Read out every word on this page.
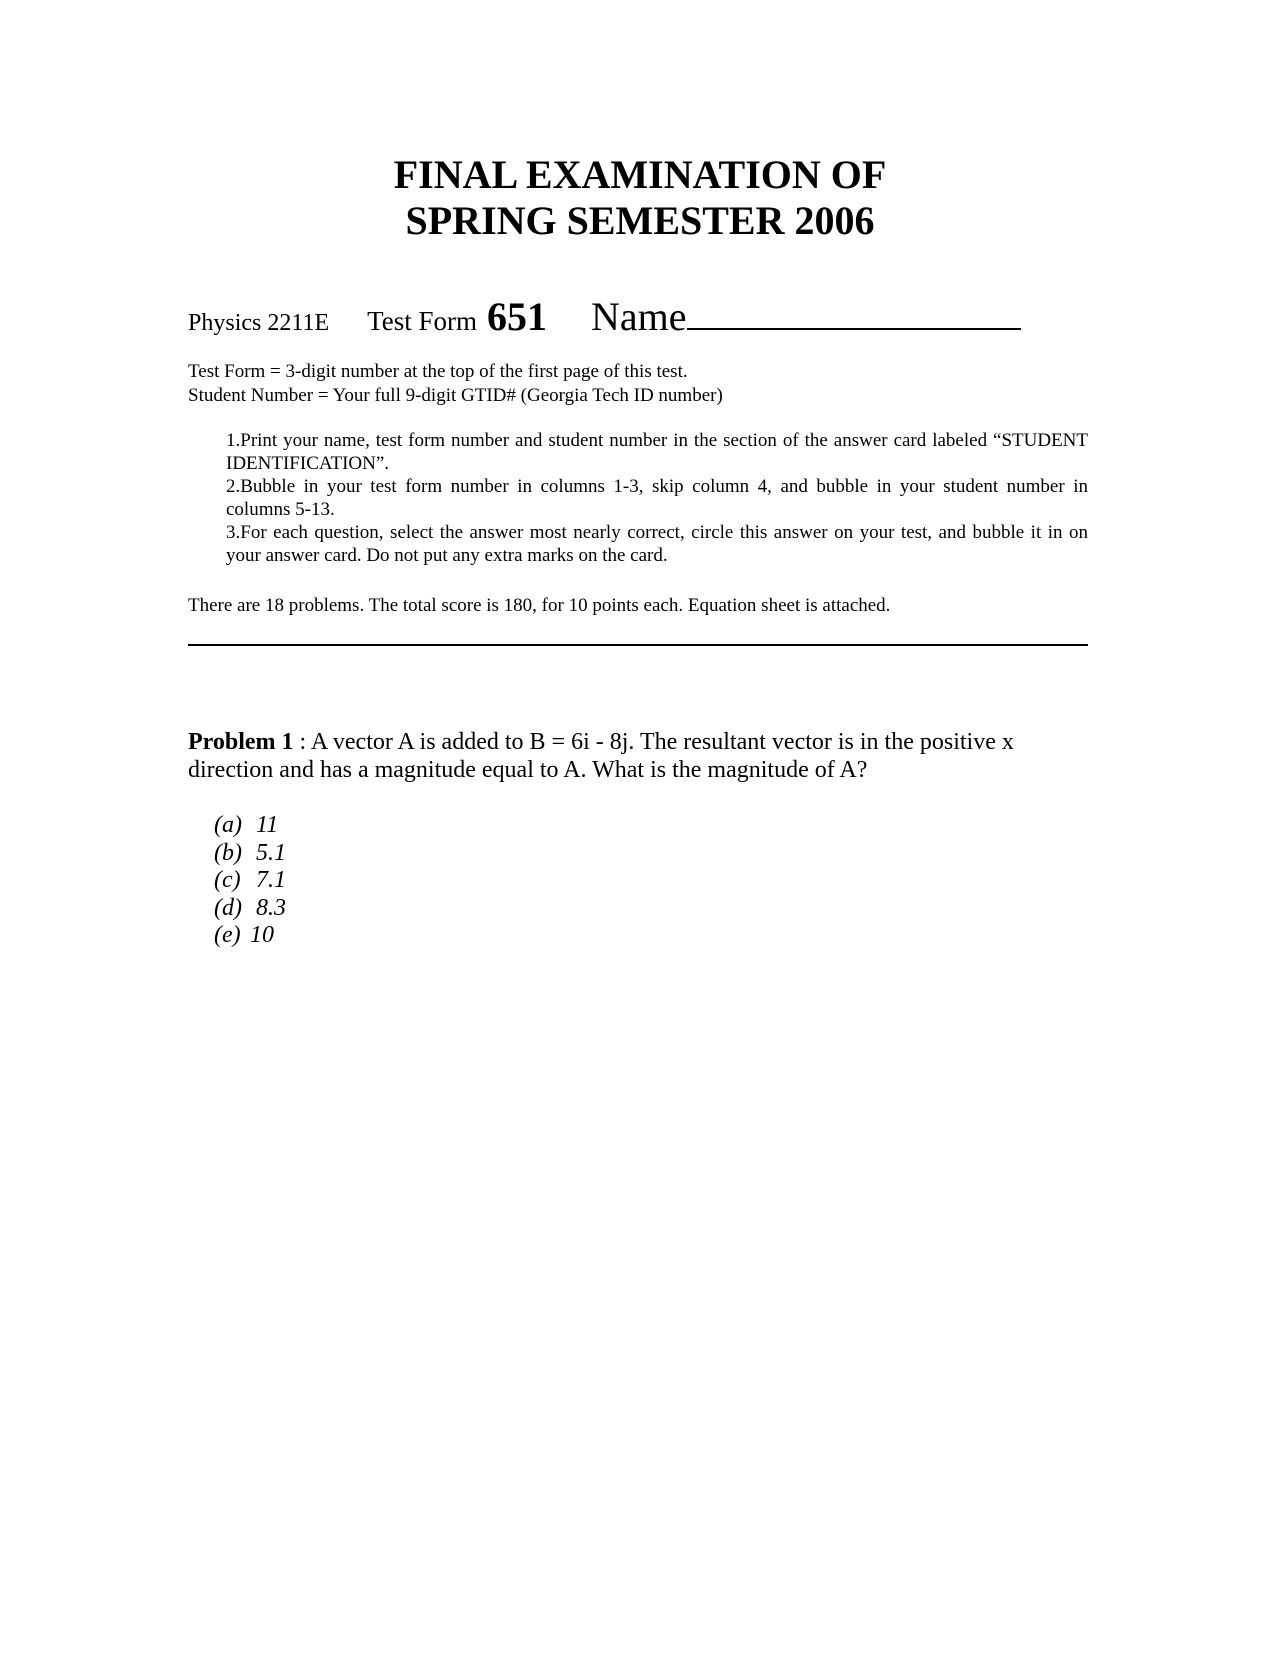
FINAL EXAMINATION OF
SPRING SEMESTER 2006
Physics 2211E Test Form 651 Name
Test Form = 3-digit number at the top of the first page of this test.
Student Number = Your full 9-digit GTID# (Georgia Tech ID number)
1.Print your name, test form number and student number in the section of the answer card labeled “STUDENT IDENTIFICATION”.
2.Bubble in your test form number in columns 1-3, skip column 4, and bubble in your student number in columns 5-13.
3.For each question, select the answer most nearly correct, circle this answer on your test, and bubble it in on your answer card. Do not put any extra marks on the card.
There are 18 problems. The total score is 180, for 10 points each. Equation sheet is attached.
Problem 1 : A vector A is added to B = 6i - 8j. The resultant vector is in the positive x direction and has a magnitude equal to A. What is the magnitude of A?
(a) 11
(b) 5.1
(c) 7.1
(d) 8.3
(e) 10
